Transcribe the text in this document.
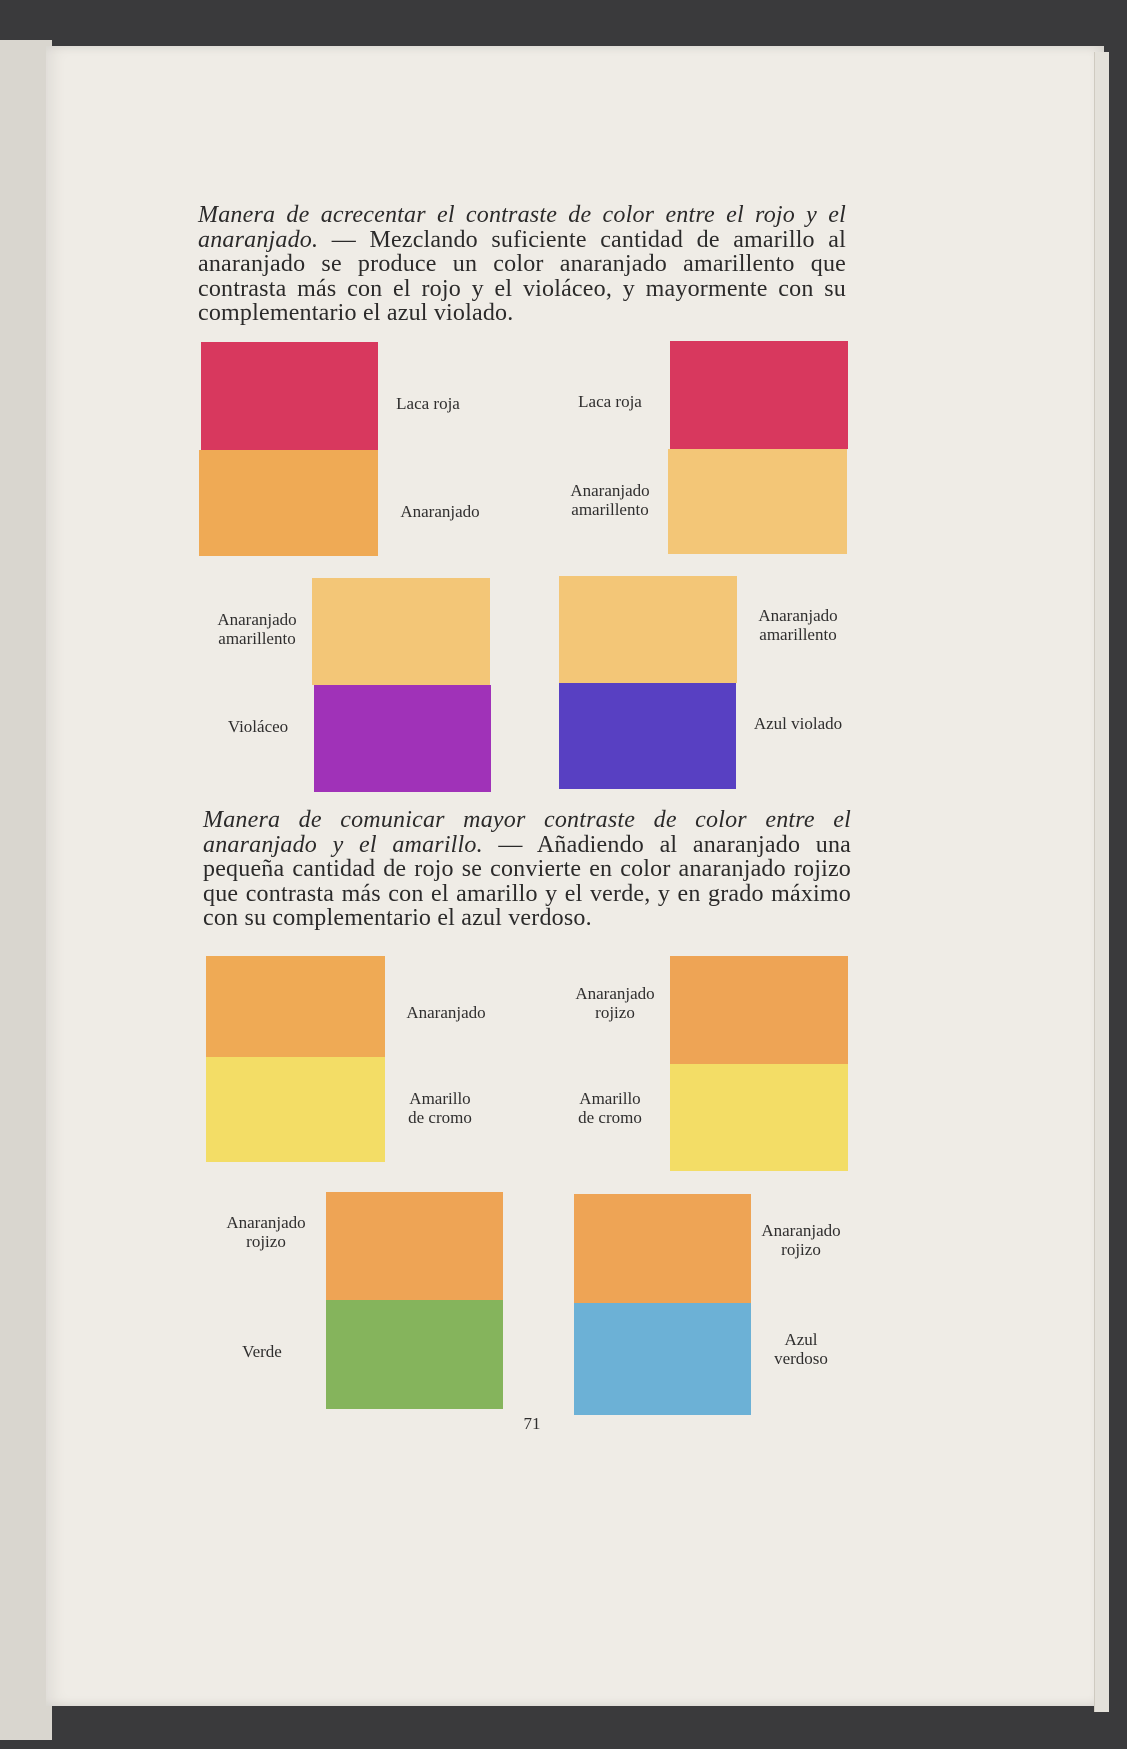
Manera de acrecentar el contraste de color entre el rojo y el anaranjado. — Mezclando suficiente cantidad de amarillo al anaranjado se produce un color anaranjado amarillento que contrasta más con el rojo y el violáceo, y mayormente con su complementario el azul violado.
Laca roja
Anaranjado
Laca roja
Anaranjado
amarillento
Anaranjado
amarillento
Violáceo
Anaranjado
amarillento
Azul violado
Manera de comunicar mayor contraste de color entre el anaranjado y el amarillo. — Añadiendo al anaranjado una pequeña cantidad de rojo se convierte en color anaranjado rojizo que contrasta más con el amarillo y el verde, y en grado máximo con su complementario el azul verdoso.
Anaranjado
Amarillo
de cromo
Anaranjado
rojizo
Amarillo
de cromo
Anaranjado
rojizo
Verde
Anaranjado
rojizo
Azul
verdoso
71
